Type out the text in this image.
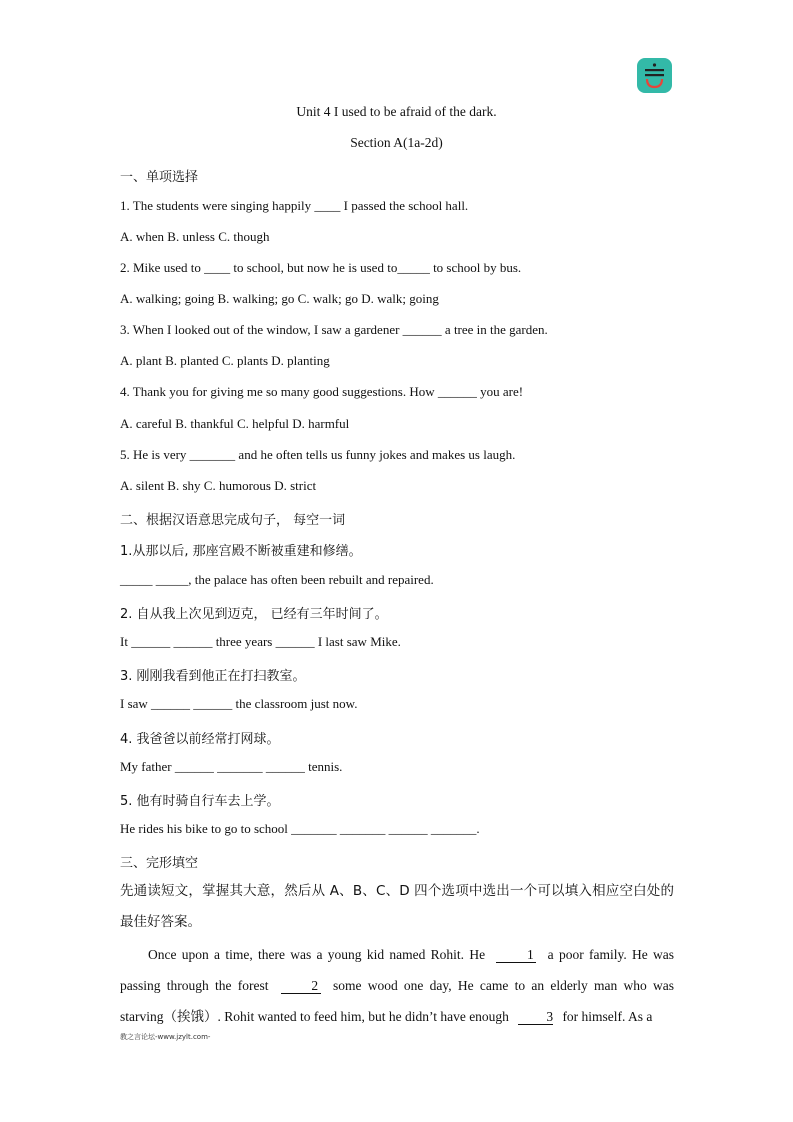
Unit 4 I used to be afraid of the dark.
Section A(1a-2d)
一、单项选择
1. The students were singing happily ____ I passed the school hall.
A. when B. unless C. though
2. Mike used to ____ to school, but now he is used to_____ to school by bus.
A. walking; going B. walking; go C. walk; go D. walk; going
3. When I looked out of the window, I saw a gardener ______ a tree in the garden.
A. plant B. planted C. plants D. planting
4. Thank you for giving me so many good suggestions. How ______ you are!
A. careful B. thankful C. helpful D. harmful
5. He is very _______ and he often tells us funny jokes and makes us laugh.
A. silent B. shy C. humorous D. strict
二、根据汉语意思完成句子， 每空一词
1.从那以后, 那座宫殿不断被重建和修缮。
_____ _____, the palace has often been rebuilt and repaired.
2. 自从我上次见到迈克， 已经有三年时间了。
It ______ ______ three years ______ I last saw Mike.
3. 刚刚我看到他正在打扫教室。
I saw ______ ______ the classroom just now.
4. 我爸爸以前经常打网球。
My father ______ _______ ______ tennis.
5. 他有时骑自行车去上学。
He rides his bike to go to school _______ _______ ______ _______.
三、完形填空

先通读短文，掌握其大意，然后从 A、B、C、D 四个选项中选出一个可以填入相应空白处的最佳好答案。

Once upon a time, there was a young kid named Rohit. He	1 a poor family. He was passing through the forest	2 some wood one day, He came to an elderly man who was starving（挨饿）. Rohit wanted to feed him, but he didn’t have enough	3 for himself. As a

教之言论坛-www.jzylt.com-
